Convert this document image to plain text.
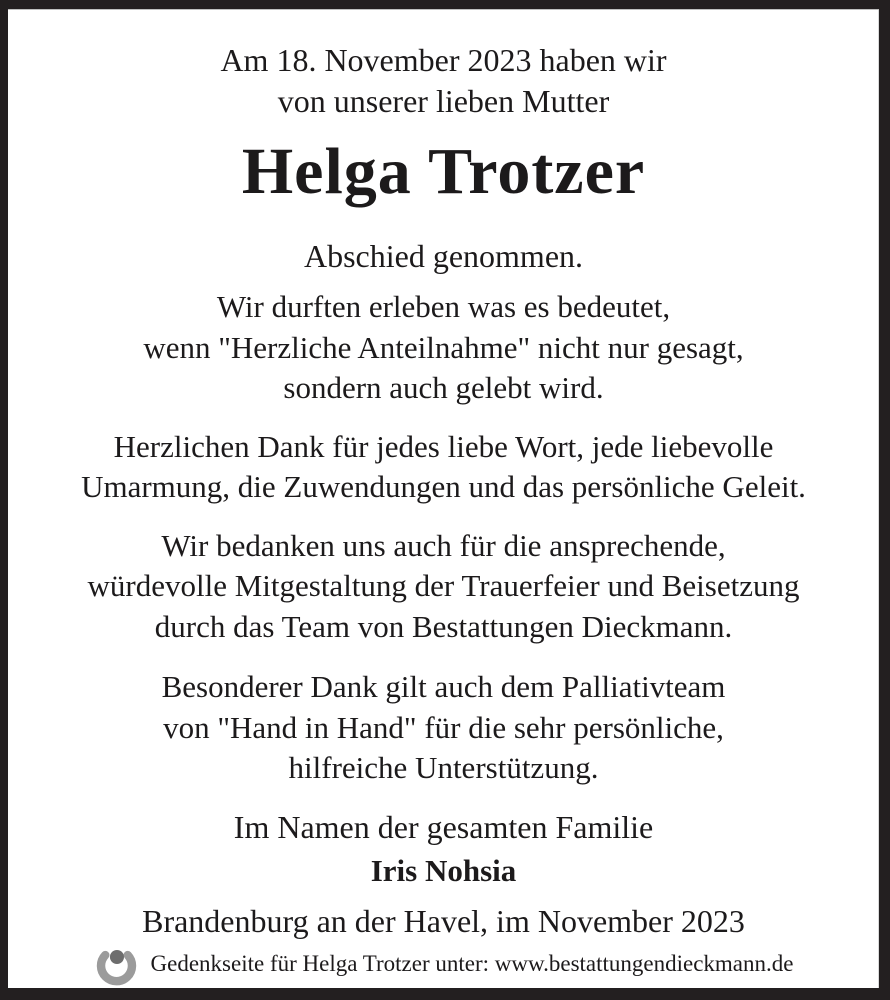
Am 18. November 2023 haben wir
von unserer lieben Mutter
Helga Trotzer
Abschied genommen.
Wir durften erleben was es bedeutet,
wenn "Herzliche Anteilnahme" nicht nur gesagt,
sondern auch gelebt wird.
Herzlichen Dank für jedes liebe Wort, jede liebevolle
Umarmung, die Zuwendungen und das persönliche Geleit.
Wir bedanken uns auch für die ansprechende,
würdevolle Mitgestaltung der Trauerfeier und Beisetzung
durch das Team von Bestattungen Dieckmann.
Besonderer Dank gilt auch dem Palliativteam
von "Hand in Hand" für die sehr persönliche,
hilfreiche Unterstützung.
Im Namen der gesamten Familie
Iris Nohsia
Brandenburg an der Havel, im November 2023
Gedenkseite für Helga Trotzer unter: www.bestattungendieckmann.de
